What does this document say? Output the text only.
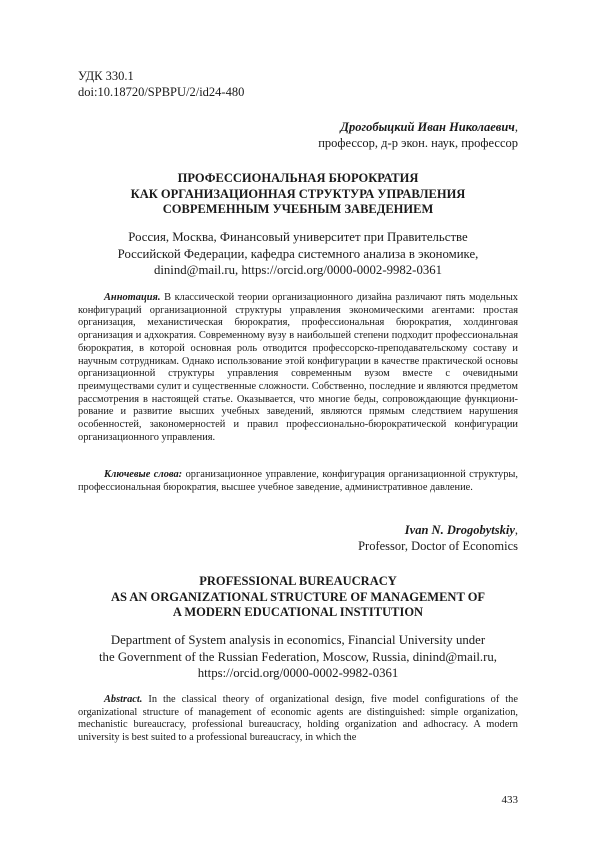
УДК 330.1
doi:10.18720/SPBPU/2/id24-480
Дрогобыцкий Иван Николаевич,
профессор, д-р экон. наук, профессор
ПРОФЕССИОНАЛЬНАЯ БЮРОКРАТИЯ
КАК ОРГАНИЗАЦИОННАЯ СТРУКТУРА УПРАВЛЕНИЯ
СОВРЕМЕННЫМ УЧЕБНЫМ ЗАВЕДЕНИЕМ
Россия, Москва, Финансовый университет при Правительстве
Российской Федерации, кафедра системного анализа в экономике,
dinind@mail.ru, https://orcid.org/0000-0002-9982-0361

Аннотация. В классической теории организационного дизайна различают пять модельных конфигураций организационной структуры управления экономическими агентами: простая организация, механистическая бюрократия, профессиональная бюрократия, холдинговая организация и адхократия. Современному вузу в наибольшей степени подходит профессиональная бюрократия, в которой основная роль отводится профессорско-преподавательскому составу и научным сотрудникам. Однако использование этой конфигурации в качестве практической основы организационной структуры управления современным вузом вместе с очевидными преимуществами сулит и существенные сложности. Собственно, последние и являются предметом рассмотрения в настоящей статье. Оказывается, что многие беды, сопровождающие функционирование и развитие высших учебных заведений, являются прямым следствием нарушения особенностей, закономерностей и правил профессионально-бюрократической конфигурации организационного управления.

Ключевые слова: организационное управление, конфигурация организационной структуры, профессиональная бюрократия, высшее учебное заведение, административное давление.

Ivan N. Drogobytskiy,
Professor, Doctor of Economics
PROFESSIONAL BUREAUCRACY
AS AN ORGANIZATIONAL STRUCTURE OF MANAGEMENT OF
A MODERN EDUCATIONAL INSTITUTION
Department of System analysis in economics, Financial University under
the Government of the Russian Federation, Moscow, Russia, dinind@mail.ru,
https://orcid.org/0000-0002-9982-0361

Abstract. In the classical theory of organizational design, five model configurations of the organizational structure of management of economic agents are distinguished: simple organization, mechanistic bureaucracy, professional bureaucracy, holding organization and adhocracy. A modern university is best suited to a professional bureaucracy, in which the

433
